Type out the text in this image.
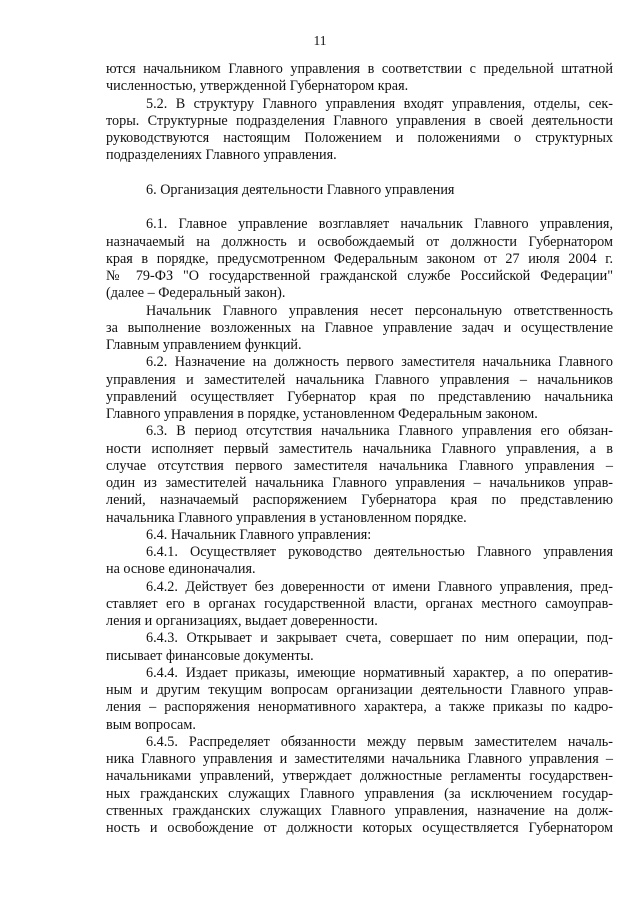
11
ются начальником Главного управления в соответствии с предельной штатной
численностью, утвержденной Губернатором края.
5.2. В структуру Главного управления входят управления, отделы, сек-
торы. Структурные подразделения Главного управления в своей деятельности
руководствуются настоящим Положением и положениями о структурных
подразделениях Главного управления.
6. Организация деятельности Главного управления
6.1. Главное управление возглавляет начальник Главного управления,
назначаемый на должность и освобождаемый от должности Губернатором
края в порядке, предусмотренном Федеральным законом от 27 июля 2004 г.
№ 79-ФЗ "О государственной гражданской службе Российской Федерации"
(далее – Федеральный закон).
Начальник Главного управления несет персональную ответственность
за выполнение возложенных на Главное управление задач и осуществление
Главным управлением функций.
6.2. Назначение на должность первого заместителя начальника Главного
управления и заместителей начальника Главного управления – начальников
управлений осуществляет Губернатор края по представлению начальника
Главного управления в порядке, установленном Федеральным законом.
6.3. В период отсутствия начальника Главного управления его обязан-
ности исполняет первый заместитель начальника Главного управления, а в
случае отсутствия первого заместителя начальника Главного управления –
один из заместителей начальника Главного управления – начальников управ-
лений, назначаемый распоряжением Губернатора края по представлению
начальника Главного управления в установленном порядке.
6.4. Начальник Главного управления:
6.4.1. Осуществляет руководство деятельностью Главного управления
на основе единоначалия.
6.4.2. Действует без доверенности от имени Главного управления, пред-
ставляет его в органах государственной власти, органах местного самоуправ-
ления и организациях, выдает доверенности.
6.4.3. Открывает и закрывает счета, совершает по ним операции, под-
писывает финансовые документы.
6.4.4. Издает приказы, имеющие нормативный характер, а по оператив-
ным и другим текущим вопросам организации деятельности Главного управ-
ления – распоряжения ненормативного характера, а также приказы по кадро-
вым вопросам.
6.4.5. Распределяет обязанности между первым заместителем началь-
ника Главного управления и заместителями начальника Главного управления –
начальниками управлений, утверждает должностные регламенты государствен-
ных гражданских служащих Главного управления (за исключением государ-
ственных гражданских служащих Главного управления, назначение на долж-
ность и освобождение от должности которых осуществляется Губернатором
